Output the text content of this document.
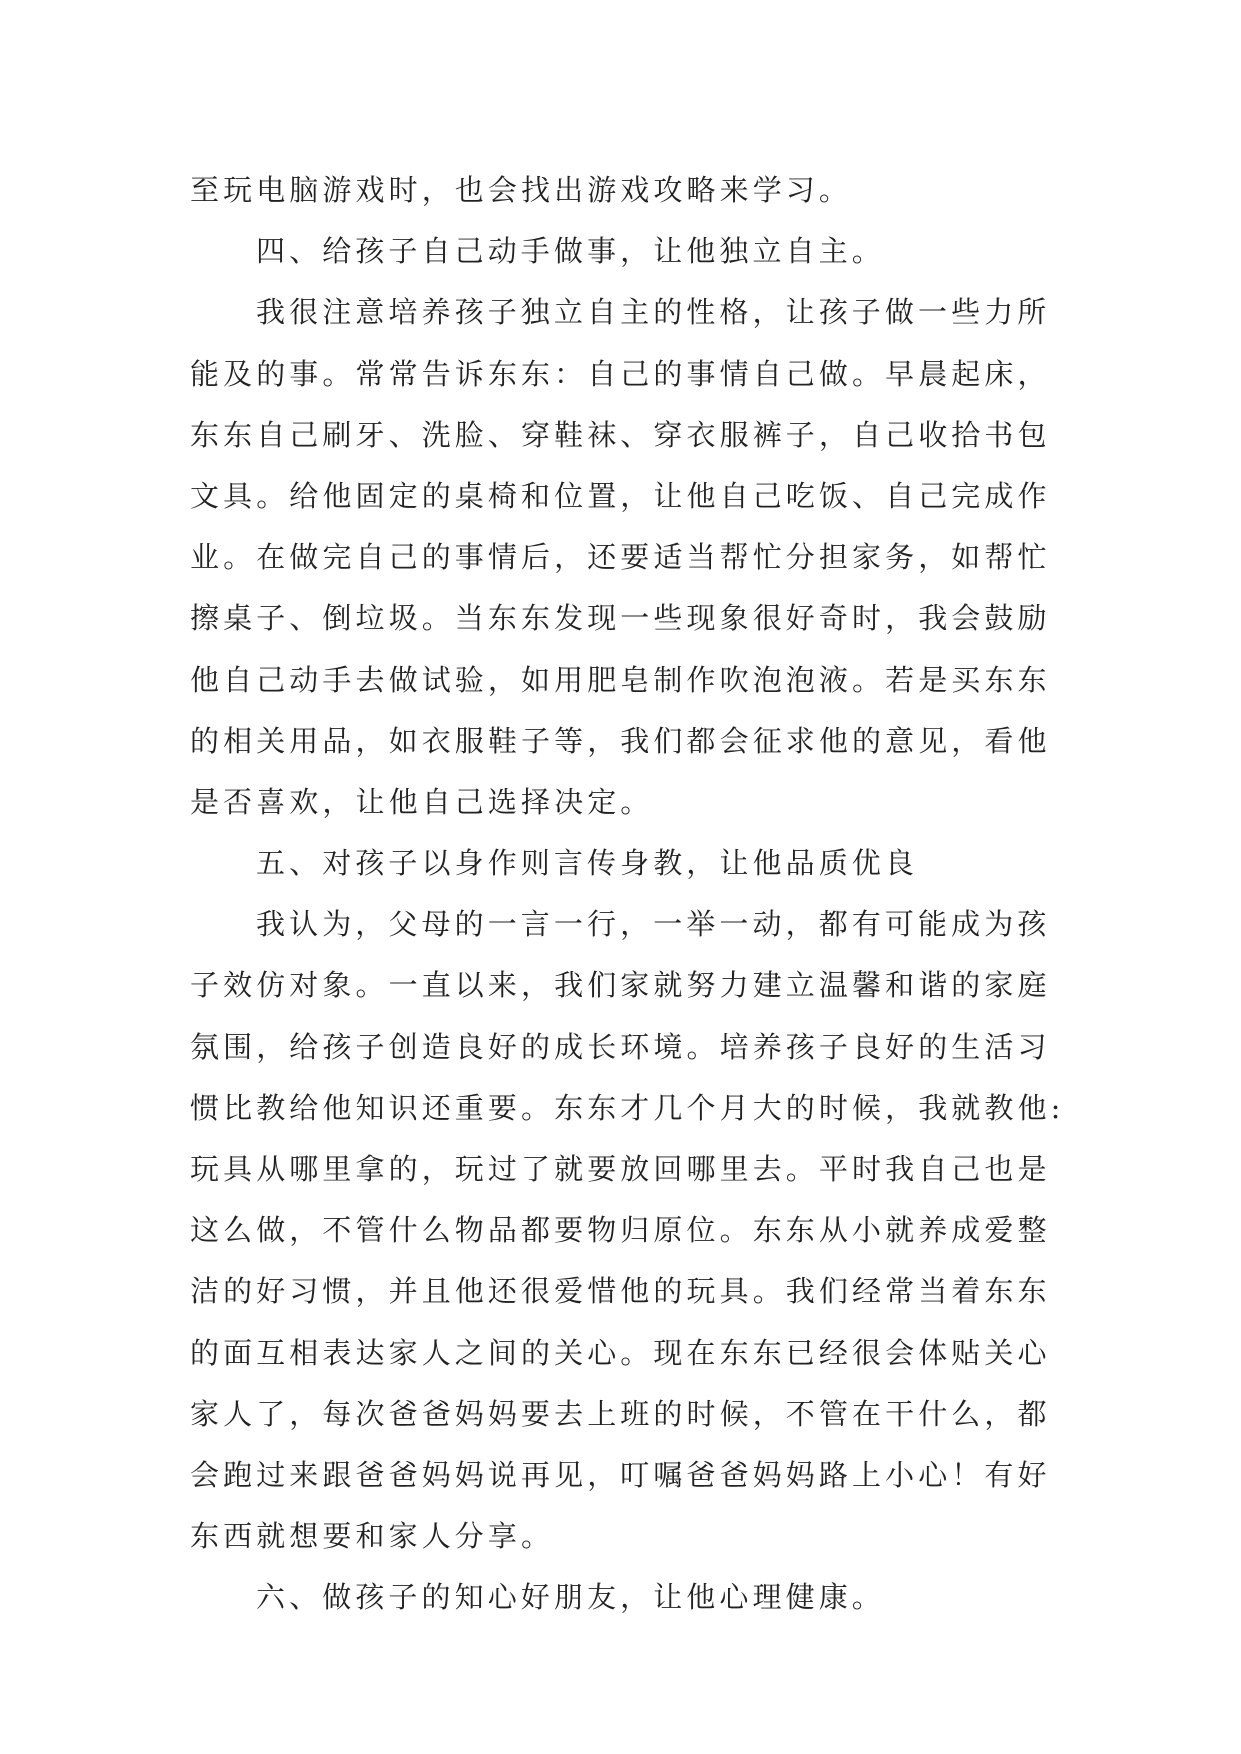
至玩电脑游戏时，也会找出游戏攻略来学习。

四、给孩子自己动手做事，让他独立自主。

我很注意培养孩子独立自主的性格，让孩子做一些力所
能及的事。常常告诉东东：自己的事情自己做。早晨起床，
东东自己刷牙、洗脸、穿鞋袜、穿衣服裤子，自己收拾书包
文具。给他固定的桌椅和位置，让他自己吃饭、自己完成作
业。在做完自己的事情后，还要适当帮忙分担家务，如帮忙
擦桌子、倒垃圾。当东东发现一些现象很好奇时，我会鼓励
他自己动手去做试验，如用肥皂制作吹泡泡液。若是买东东
的相关用品，如衣服鞋子等，我们都会征求他的意见，看他
是否喜欢，让他自己选择决定。

五、对孩子以身作则言传身教，让他品质优良

我认为，父母的一言一行，一举一动，都有可能成为孩
子效仿对象。一直以来，我们家就努力建立温馨和谐的家庭
氛围，给孩子创造良好的成长环境。培养孩子良好的生活习
惯比教给他知识还重要。东东才几个月大的时候，我就教他:
玩具从哪里拿的，玩过了就要放回哪里去。平时我自己也是
这么做，不管什么物品都要物归原位。东东从小就养成爱整
洁的好习惯，并且他还很爱惜他的玩具。我们经常当着东东
的面互相表达家人之间的关心。现在东东已经很会体贴关心
家人了，每次爸爸妈妈要去上班的时候，不管在干什么，都
会跑过来跟爸爸妈妈说再见，叮嘱爸爸妈妈路上小心！有好
东西就想要和家人分享。

六、做孩子的知心好朋友，让他心理健康。
